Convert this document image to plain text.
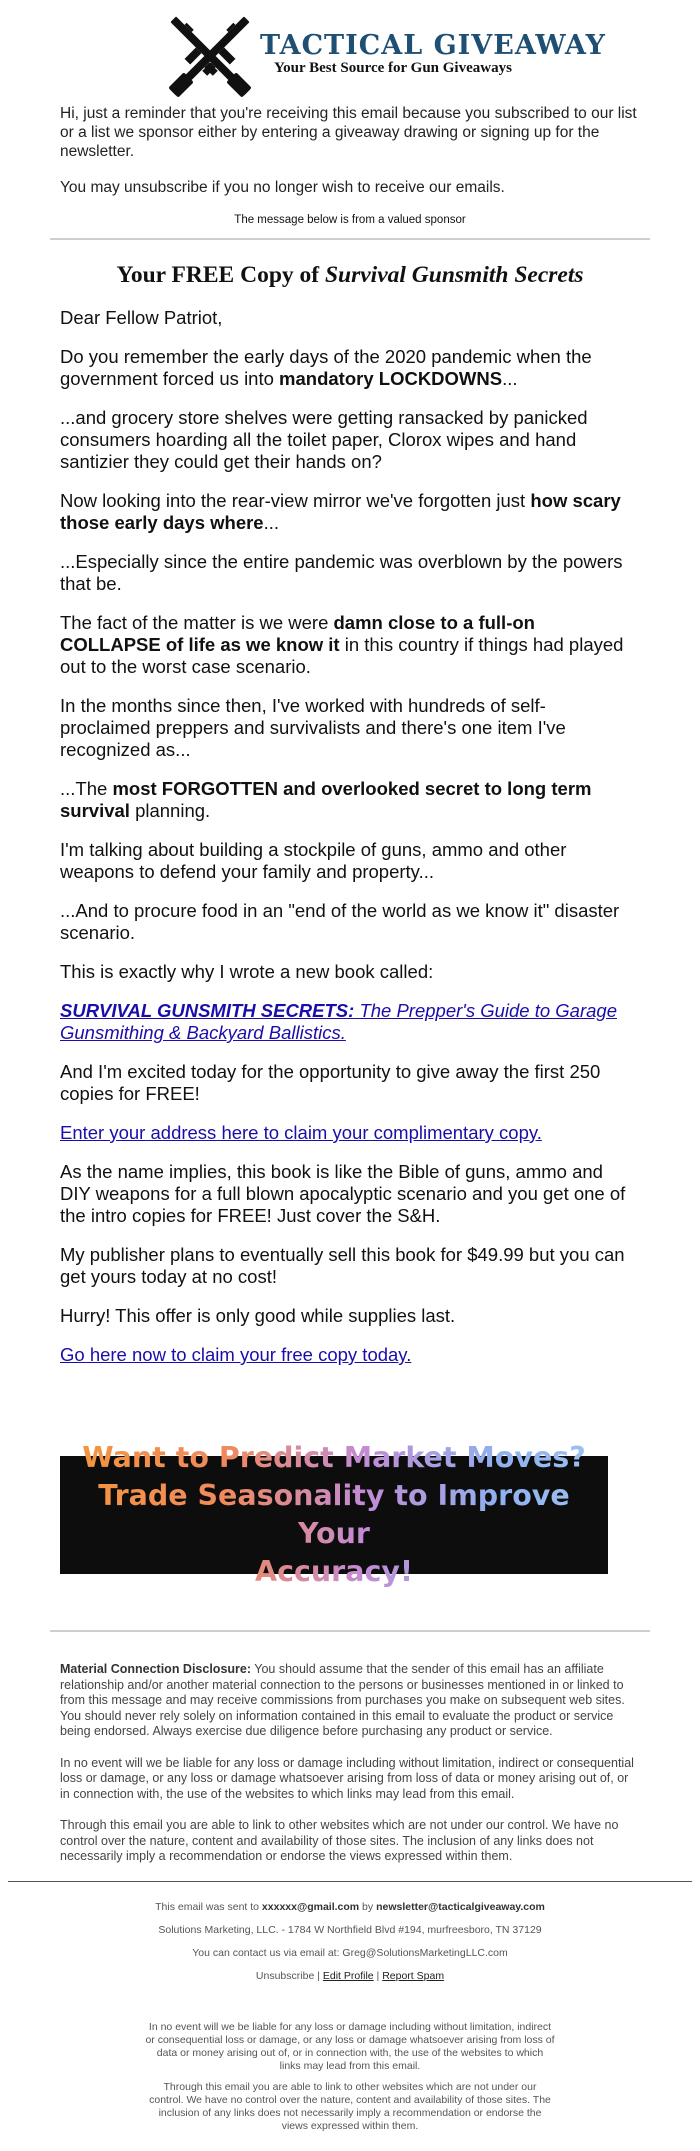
TACTICAL GIVEAWAY
Your Best Source for Gun Giveaways

Hi, just a reminder that you're receiving this email because you subscribed to our list or a list we sponsor either by entering a giveaway drawing or signing up for the newsletter.

You may unsubscribe if you no longer wish to receive our emails.

The message below is from a valued sponsor
Your FREE Copy of Survival Gunsmith Secrets

Dear Fellow Patriot,

Do you remember the early days of the 2020 pandemic when the government forced us into mandatory LOCKDOWNS...

...and grocery store shelves were getting ransacked by panicked consumers hoarding all the toilet paper, Clorox wipes and hand santizier they could get their hands on?

Now looking into the rear-view mirror we've forgotten just how scary those early days where...

...Especially since the entire pandemic was overblown by the powers that be.

The fact of the matter is we were damn close to a full-on COLLAPSE of life as we know it in this country if things had played out to the worst case scenario.

In the months since then, I've worked with hundreds of self-proclaimed preppers and survivalists and there's one item I've recognized as...

...The most FORGOTTEN and overlooked secret to long term survival planning.

I'm talking about building a stockpile of guns, ammo and other weapons to defend your family and property...

...And to procure food in an "end of the world as we know it" disaster scenario.

This is exactly why I wrote a new book called:

SURVIVAL GUNSMITH SECRETS: The Prepper's Guide to Garage Gunsmithing & Backyard Ballistics.

And I'm excited today for the opportunity to give away the first 250 copies for FREE!

Enter your address here to claim your complimentary copy.

As the name implies, this book is like the Bible of guns, ammo and DIY weapons for a full blown apocalyptic scenario and you get one of the intro copies for FREE! Just cover the S&H.

My publisher plans to eventually sell this book for $49.99 but you can get yours today at no cost!

Hurry! This offer is only good while supplies last.

Go here now to claim your free copy today.

Want to Predict Market Moves?
Trade Seasonality to Improve Your
Accuracy!

Material Connection Disclosure: You should assume that the sender of this email has an affiliate relationship and/or another material connection to the persons or businesses mentioned in or linked to from this message and may receive commissions from purchases you make on subsequent web sites. You should never rely solely on information contained in this email to evaluate the product or service being endorsed. Always exercise due diligence before purchasing any product or service.

In no event will we be liable for any loss or damage including without limitation, indirect or consequential loss or damage, or any loss or damage whatsoever arising from loss of data or money arising out of, or in connection with, the use of the websites to which links may lead from this email.

Through this email you are able to link to other websites which are not under our control. We have no control over the nature, content and availability of those sites. The inclusion of any links does not necessarily imply a recommendation or endorse the views expressed within them.

This email was sent to xxxxxx@gmail.com by newsletter@tacticalgiveaway.com

Solutions Marketing, LLC. - 1784 W Northfield Blvd #194, murfreesboro, TN 37129

You can contact us via email at: Greg@SolutionsMarketingLLC.com

Unsubscribe | Edit Profile | Report Spam

In no event will we be liable for any loss or damage including without limitation, indirect or consequential loss or damage, or any loss or damage whatsoever arising from loss of data or money arising out of, or in connection with, the use of the websites to which links may lead from this email.

Through this email you are able to link to other websites which are not under our control. We have no control over the nature, content and availability of those sites. The inclusion of any links does not necessarily imply a recommendation or endorse the views expressed within them.
